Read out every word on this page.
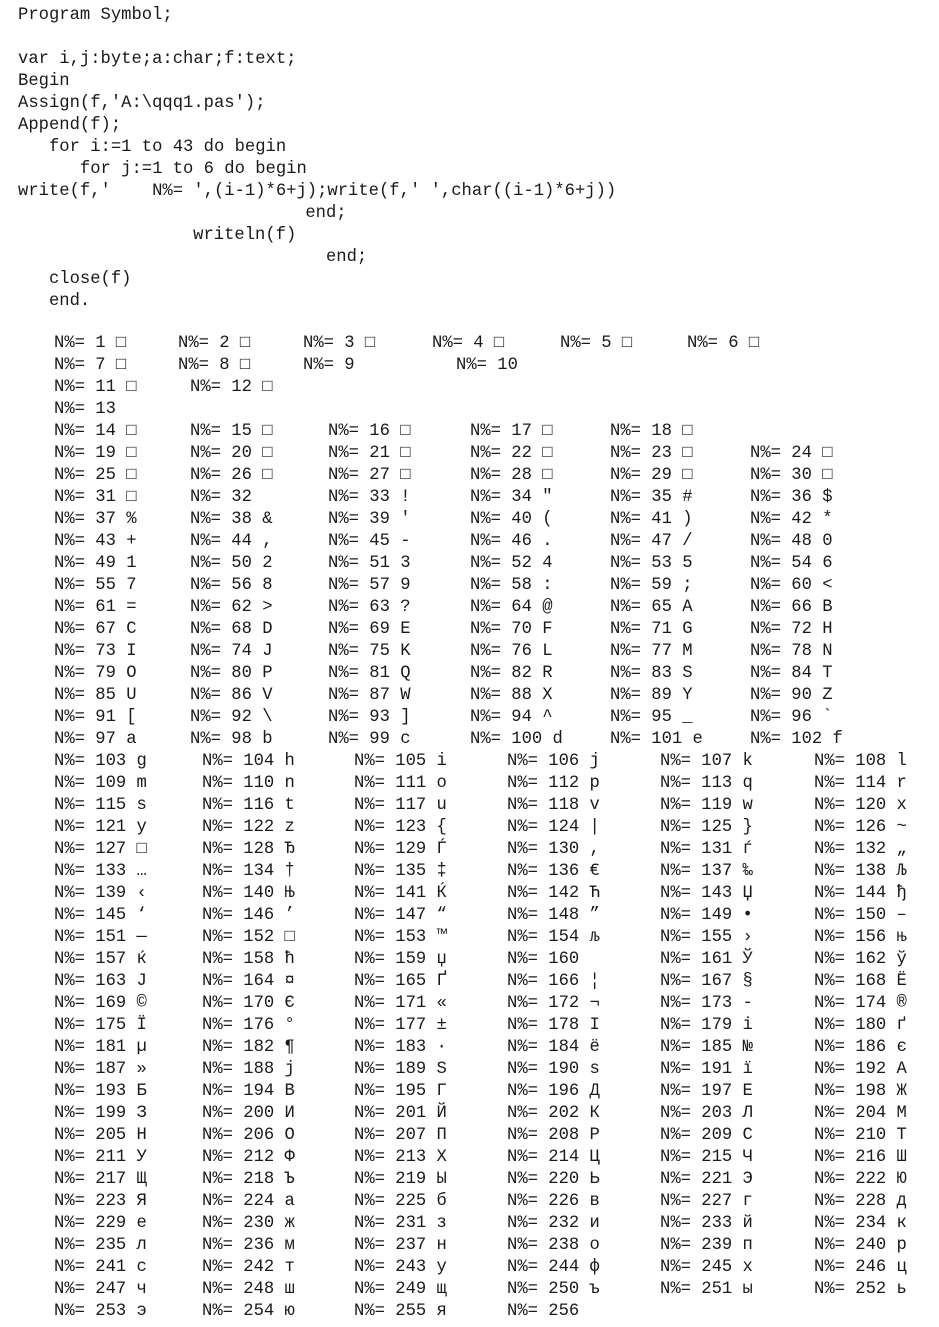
Program Symbol;
var i,j:byte;a:char;f:text;
Begin
Assign(f,'A:\qqq1.pas');
Append(f);
for i:=1 to 43 do begin
for j:=1 to 6 do begin
write(f,'    N%= ',(i-1)*6+j);write(f,' ',char((i-1)*6+j))
end;
writeln(f)
end;
close(f)
end.
N%= 1 □	N%= 2 □	N%= 3 □	N%= 4 □	N%= 5 □	N%= 6 □
N%= 7 □	N%= 8 □	N%= 9	N%= 10
N%= 11 □	N%= 12 □
N%= 13
N%= 14 □	N%= 15 □	N%= 16 □	N%= 17 □	N%= 18 □
N%= 19 □	N%= 20 □	N%= 21 □	N%= 22 □	N%= 23 □	N%= 24 □
N%= 25 □	N%= 26 □	N%= 27 □	N%= 28 □	N%= 29 □	N%= 30 □
N%= 31 □	N%= 32	N%= 33 !	N%= 34 "	N%= 35 #	N%= 36 $
N%= 37 %	N%= 38 &	N%= 39 '	N%= 40 (	N%= 41 )	N%= 42 *
N%= 43 +	N%= 44 ,	N%= 45 -	N%= 46 .	N%= 47 /	N%= 48 0
N%= 49 1	N%= 50 2	N%= 51 3	N%= 52 4	N%= 53 5	N%= 54 6
N%= 55 7	N%= 56 8	N%= 57 9	N%= 58 :	N%= 59 ;	N%= 60 <
N%= 61 =	N%= 62 >	N%= 63 ?	N%= 64 @	N%= 65 A	N%= 66 B
N%= 67 C	N%= 68 D	N%= 69 E	N%= 70 F	N%= 71 G	N%= 72 H
N%= 73 I	N%= 74 J	N%= 75 K	N%= 76 L	N%= 77 M	N%= 78 N
N%= 79 O	N%= 80 P	N%= 81 Q	N%= 82 R	N%= 83 S	N%= 84 T
N%= 85 U	N%= 86 V	N%= 87 W	N%= 88 X	N%= 89 Y	N%= 90 Z
N%= 91 [	N%= 92 \	N%= 93 ]	N%= 94 ^	N%= 95 _	N%= 96 `
N%= 97 a	N%= 98 b	N%= 99 c	N%= 100 d	N%= 101 e	N%= 102 f
N%= 103 g	N%= 104 h	N%= 105 i	N%= 106 j	N%= 107 k	N%= 108 l
N%= 109 m	N%= 110 n	N%= 111 o	N%= 112 p	N%= 113 q	N%= 114 r
N%= 115 s	N%= 116 t	N%= 117 u	N%= 118 v	N%= 119 w	N%= 120 x
N%= 121 y	N%= 122 z	N%= 123 {	N%= 124 |	N%= 125 }	N%= 126 ~
N%= 127 □	N%= 128 Ђ	N%= 129 Ѓ	N%= 130 ,	N%= 131 ѓ	N%= 132 „
N%= 133 …	N%= 134 †	N%= 135 ‡	N%= 136 €	N%= 137 ‰	N%= 138 Љ
N%= 139 ‹	N%= 140 Њ	N%= 141 Ќ	N%= 142 Ћ	N%= 143 Џ	N%= 144 ђ
N%= 145 ‘	N%= 146 ’	N%= 147 “	N%= 148 ”	N%= 149 •	N%= 150 –
N%= 151 —	N%= 152 □	N%= 153 ™	N%= 154 љ	N%= 155 ›	N%= 156 њ
N%= 157 ќ	N%= 158 ћ	N%= 159 џ	N%= 160	N%= 161 Ў	N%= 162 ў
N%= 163 Ј	N%= 164 ¤	N%= 165 Ґ	N%= 166 ¦	N%= 167 §	N%= 168 Ё
N%= 169 ©	N%= 170 Є	N%= 171 «	N%= 172 ¬	N%= 173 -	N%= 174 ®
N%= 175 Ї	N%= 176 °	N%= 177 ±	N%= 178 І	N%= 179 і	N%= 180 ґ
N%= 181 µ	N%= 182 ¶	N%= 183 ·	N%= 184 ё	N%= 185 №	N%= 186 є
N%= 187 »	N%= 188 ј	N%= 189 Ѕ	N%= 190 ѕ	N%= 191 ї	N%= 192 А
N%= 193 Б	N%= 194 В	N%= 195 Г	N%= 196 Д	N%= 197 Е	N%= 198 Ж
N%= 199 З	N%= 200 И	N%= 201 Й	N%= 202 К	N%= 203 Л	N%= 204 М
N%= 205 Н	N%= 206 О	N%= 207 П	N%= 208 Р	N%= 209 С	N%= 210 Т
N%= 211 У	N%= 212 Ф	N%= 213 Х	N%= 214 Ц	N%= 215 Ч	N%= 216 Ш
N%= 217 Щ	N%= 218 Ъ	N%= 219 Ы	N%= 220 Ь	N%= 221 Э	N%= 222 Ю
N%= 223 Я	N%= 224 а	N%= 225 б	N%= 226 в	N%= 227 г	N%= 228 д
N%= 229 е	N%= 230 ж	N%= 231 з	N%= 232 и	N%= 233 й	N%= 234 к
N%= 235 л	N%= 236 м	N%= 237 н	N%= 238 о	N%= 239 п	N%= 240 р
N%= 241 с	N%= 242 т	N%= 243 у	N%= 244 ф	N%= 245 х	N%= 246 ц
N%= 247 ч	N%= 248 ш	N%= 249 щ	N%= 250 ъ	N%= 251 ы	N%= 252 ь
N%= 253 э	N%= 254 ю	N%= 255 я	N%= 256
